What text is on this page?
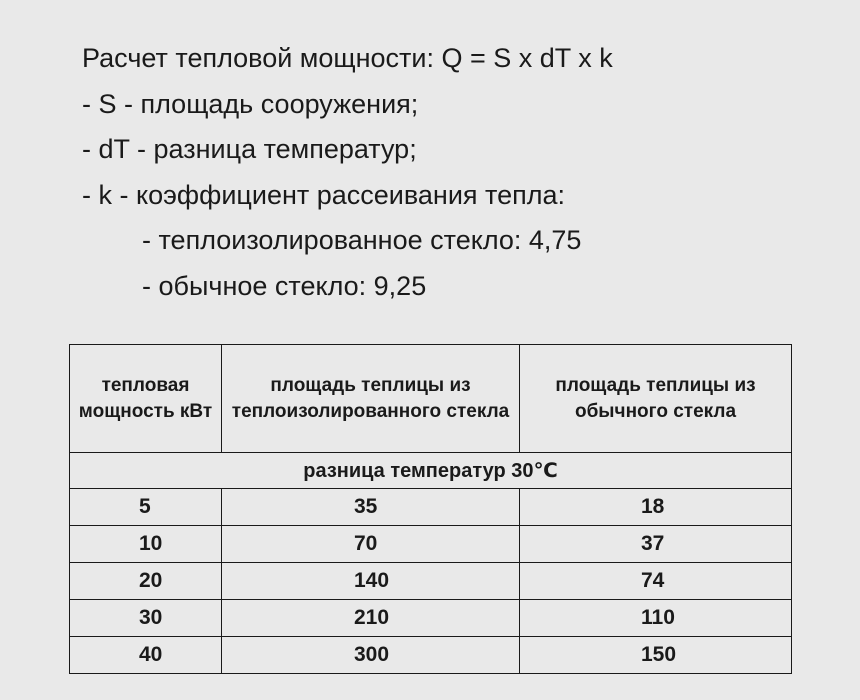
Расчет тепловой мощности: Q = S x dT x k
- S - площадь сооружения;
- dT - разница температур;
- k - коэффициент рассеивания тепла:
- теплоизолированное стекло: 4,75
- обычное стекло: 9,25
тепловая мощность кВт	площадь теплицы из теплоизолированного стекла	площадь теплицы из обычного стекла
разница температур 30℃		
5	35	18
10	70	37
20	140	74
30	210	110
40	300	150
